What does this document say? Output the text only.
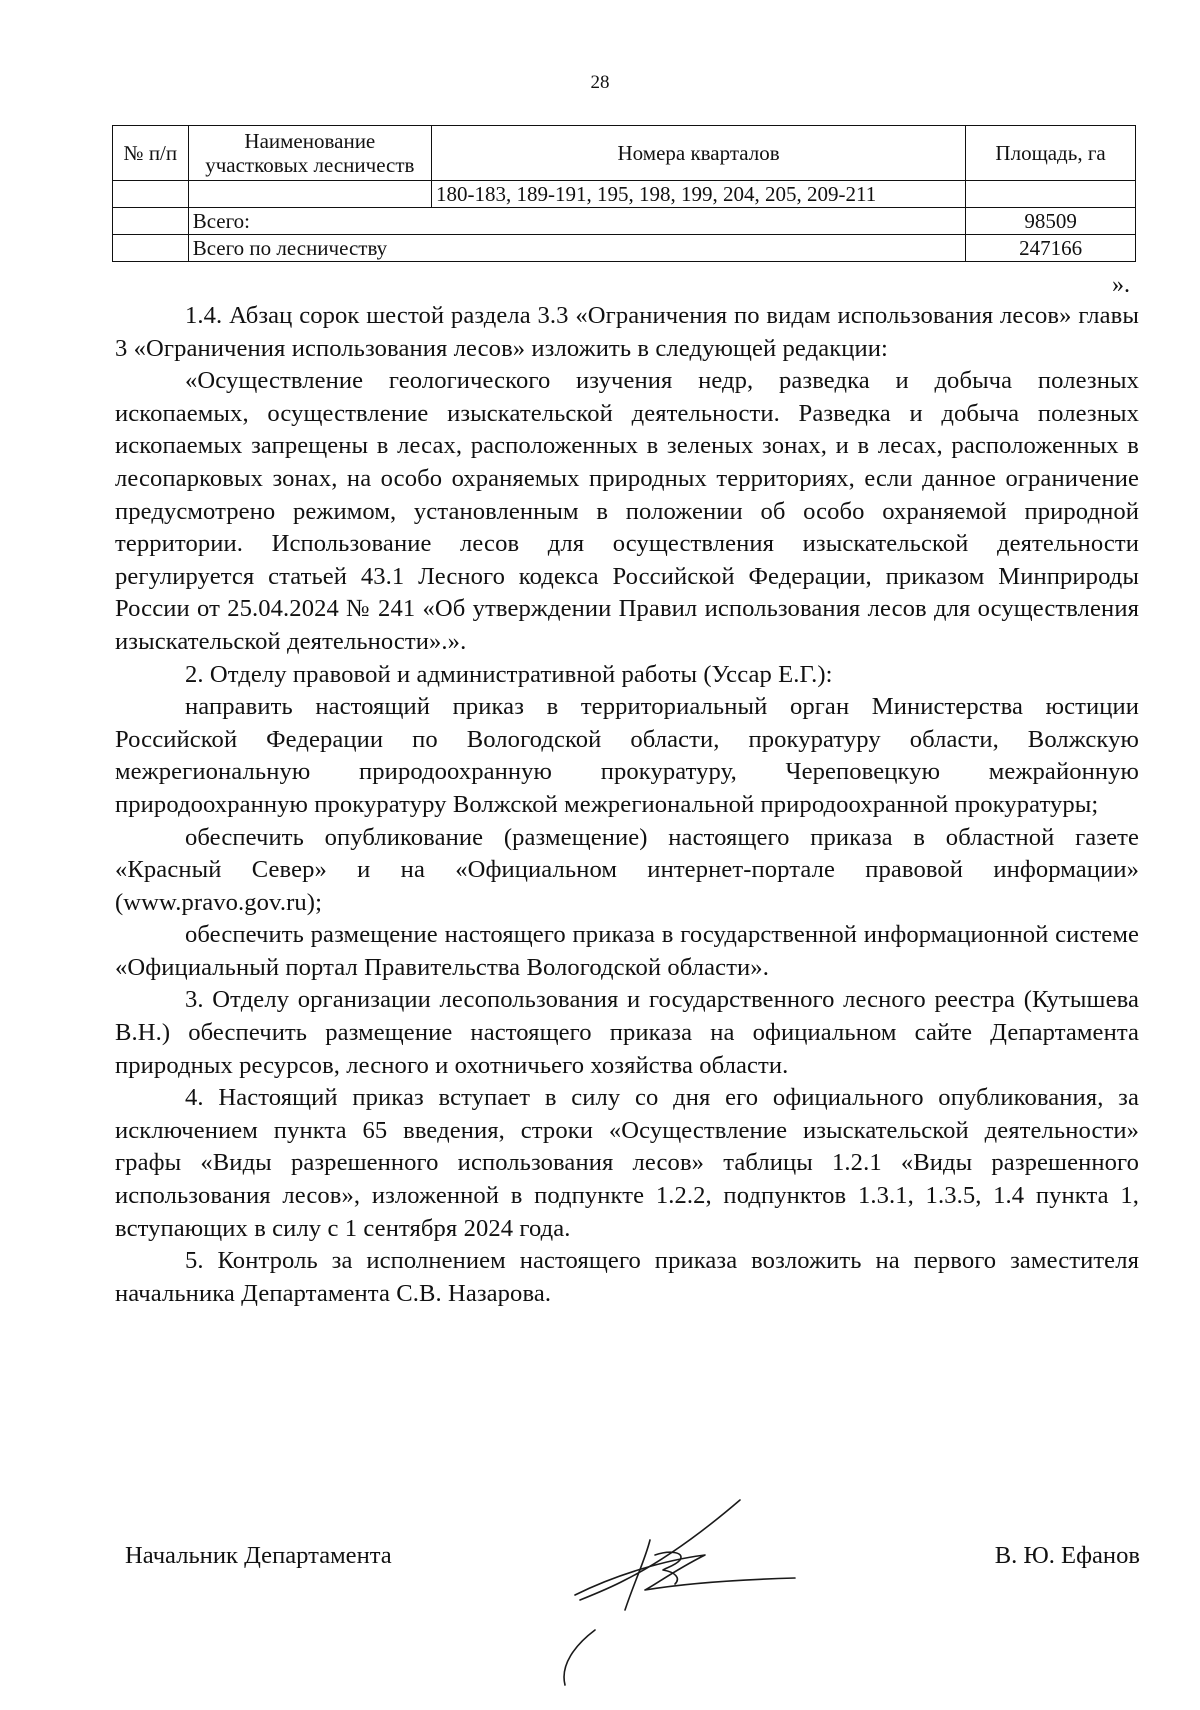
28
№ п/п	Наименование участковых лесничеств	Номера кварталов	Площадь, га
		180-183, 189-191, 195, 198, 199, 204, 205, 209-211	
	Всего:		98509
	Всего по лесничеству		247166
».

1.4. Абзац сорок шестой раздела 3.3 «Ограничения по видам использования лесов» главы 3 «Ограничения использования лесов» изложить в следующей редакции:

«Осуществление геологического изучения недр, разведка и добыча полезных ископаемых, осуществление изыскательской деятельности. Разведка и добыча полезных ископаемых запрещены в лесах, расположенных в зеленых зонах, и в лесах, расположенных в лесопарковых зонах, на особо охраняемых природных территориях, если данное ограничение предусмотрено режимом, установленным в положении об особо охраняемой природной территории. Использование лесов для осуществления изыскательской деятельности регулируется статьей 43.1 Лесного кодекса Российской Федерации, приказом Минприроды России от 25.04.2024 № 241 «Об утверждении Правил использования лесов для осуществления изыскательской деятельности».».

2. Отделу правовой и административной работы (Уссар Е.Г.):

направить настоящий приказ в территориальный орган Министерства юстиции Российской Федерации по Вологодской области, прокуратуру области, Волжскую межрегиональную природоохранную прокуратуру, Череповецкую межрайонную природоохранную прокуратуру Волжской межрегиональной природоохранной прокуратуры;

обеспечить опубликование (размещение) настоящего приказа в областной газете «Красный Север» и на «Официальном интернет-портале правовой информации» (www.pravo.gov.ru);

обеспечить размещение настоящего приказа в государственной информационной системе «Официальный портал Правительства Вологодской области».

3. Отделу организации лесопользования и государственного лесного реестра (Кутышева В.Н.) обеспечить размещение настоящего приказа на официальном сайте Департамента природных ресурсов, лесного и охотничьего хозяйства области.

4. Настоящий приказ вступает в силу со дня его официального опубликования, за исключением пункта 65 введения, строки «Осуществление изыскательской деятельности» графы «Виды разрешенного использования лесов» таблицы 1.2.1 «Виды разрешенного использования лесов», изложенной в подпункте 1.2.2, подпунктов 1.3.1, 1.3.5, 1.4 пункта 1, вступающих в силу с 1 сентября 2024 года.

5. Контроль за исполнением настоящего приказа возложить на первого заместителя начальника Департамента С.В. Назарова.

Начальник Департамента	В. Ю. Ефанов
